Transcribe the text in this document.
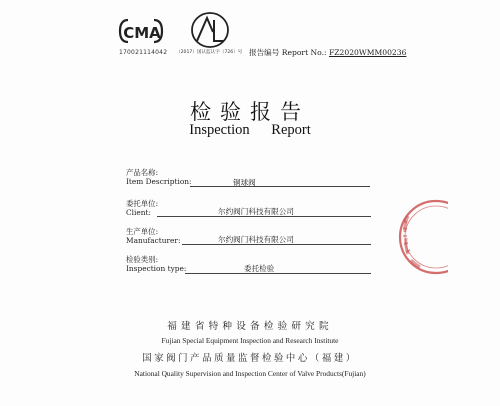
CMA
170021114042 （2017）国认监认字（726）号 报告编号 Report No.: FZ2020WMM00236
检验报告
Inspection Report
产品名称:
Item Description:	铜球阀
委托单位:
Client:	尔约阀门科技有限公司
生产单位:
Manufacturer:	尔约阀门科技有限公司
检验类别:
Inspection type:	委托检验
福建省特种设备检验研究院
Fujian Special Equipment Inspection and Research Institute
国家阀门产品质量监督检验中心（福建）
National Quality Supervision and Inspection Center of Valve Products(Fujian)
